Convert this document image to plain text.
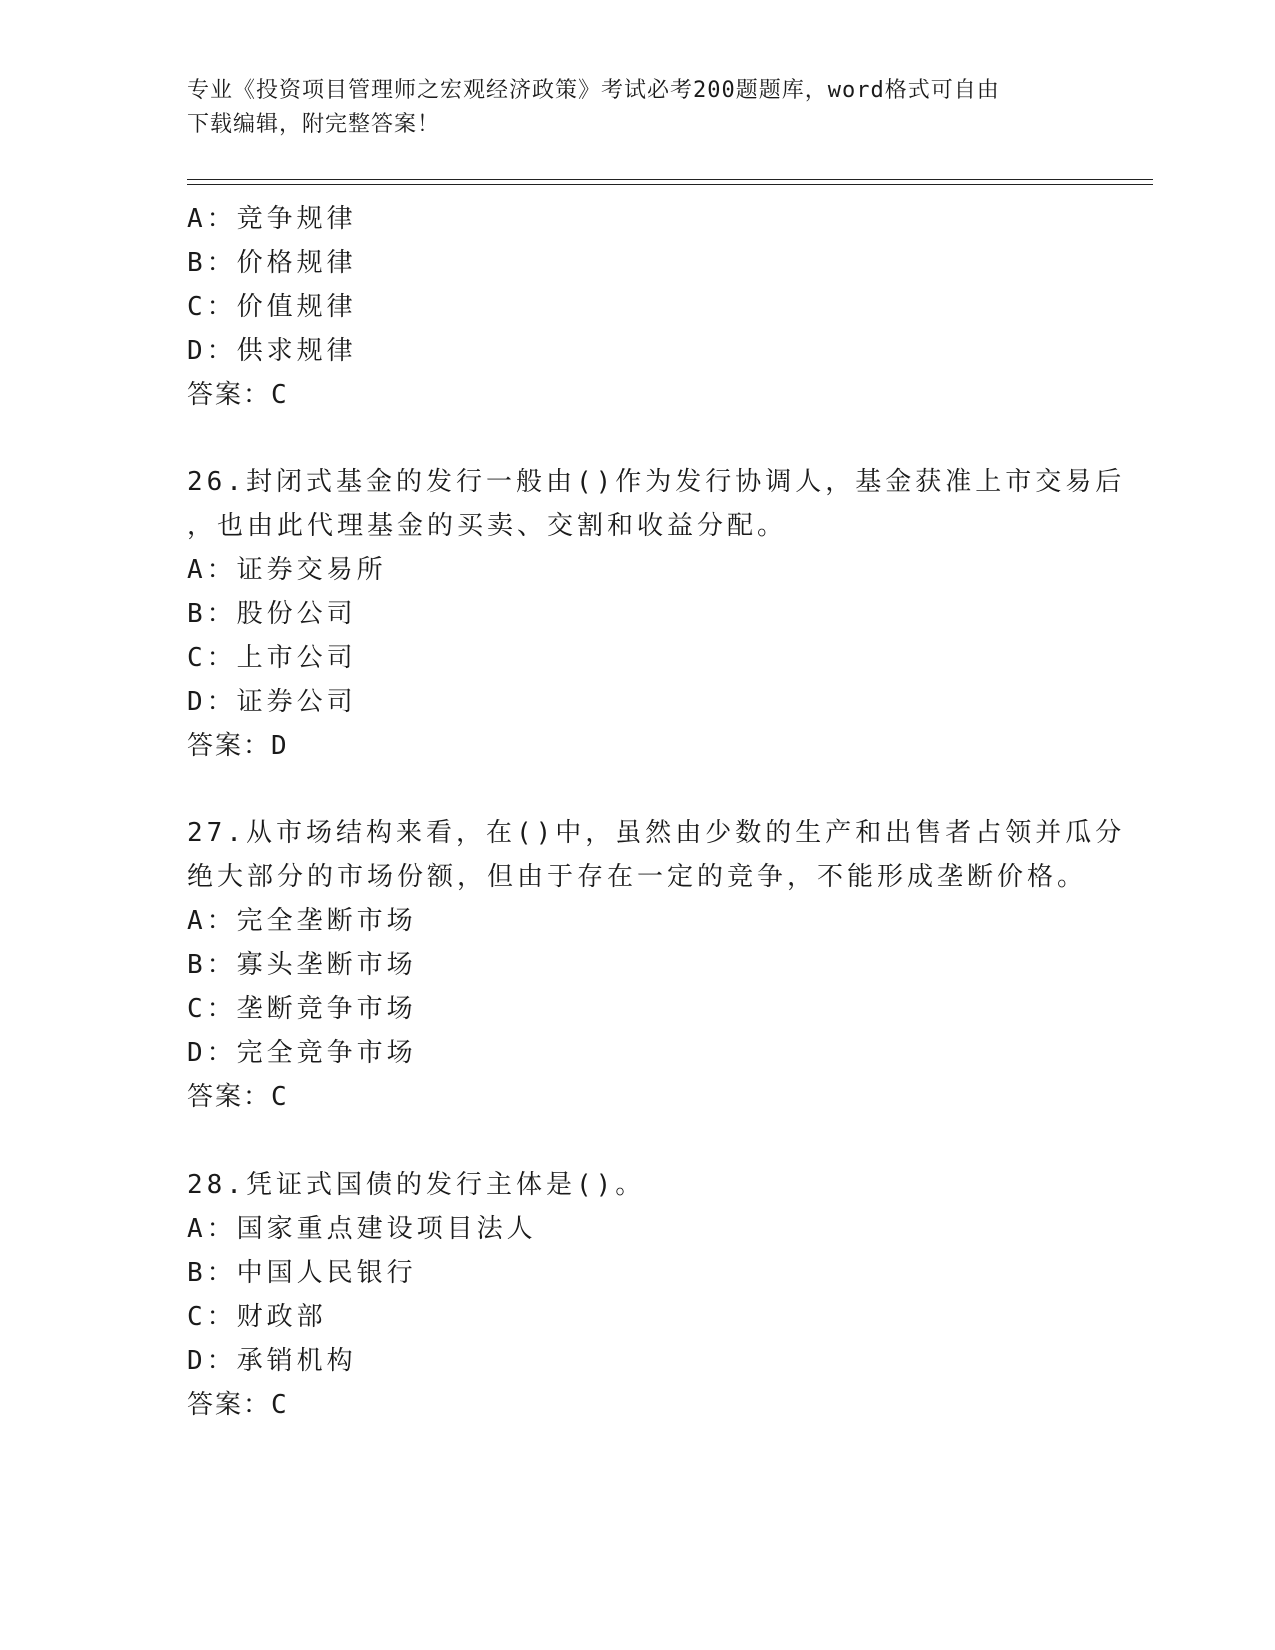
专业《投资项目管理师之宏观经济政策》考试必考200题题库，word格式可自由
下载编辑，附完整答案！
A：竞争规律
B：价格规律
C：价值规律
D：供求规律
答案：C
26.封闭式基金的发行一般由()作为发行协调人，基金获准上市交易后
，也由此代理基金的买卖、交割和收益分配。
A：证券交易所
B：股份公司
C：上市公司
D：证券公司
答案：D
27.从市场结构来看，在()中，虽然由少数的生产和出售者占领并瓜分
绝大部分的市场份额，但由于存在一定的竞争，不能形成垄断价格。
A：完全垄断市场
B：寡头垄断市场
C：垄断竞争市场
D：完全竞争市场
答案：C
28.凭证式国债的发行主体是()。
A：国家重点建设项目法人
B：中国人民银行
C：财政部
D：承销机构
答案：C
